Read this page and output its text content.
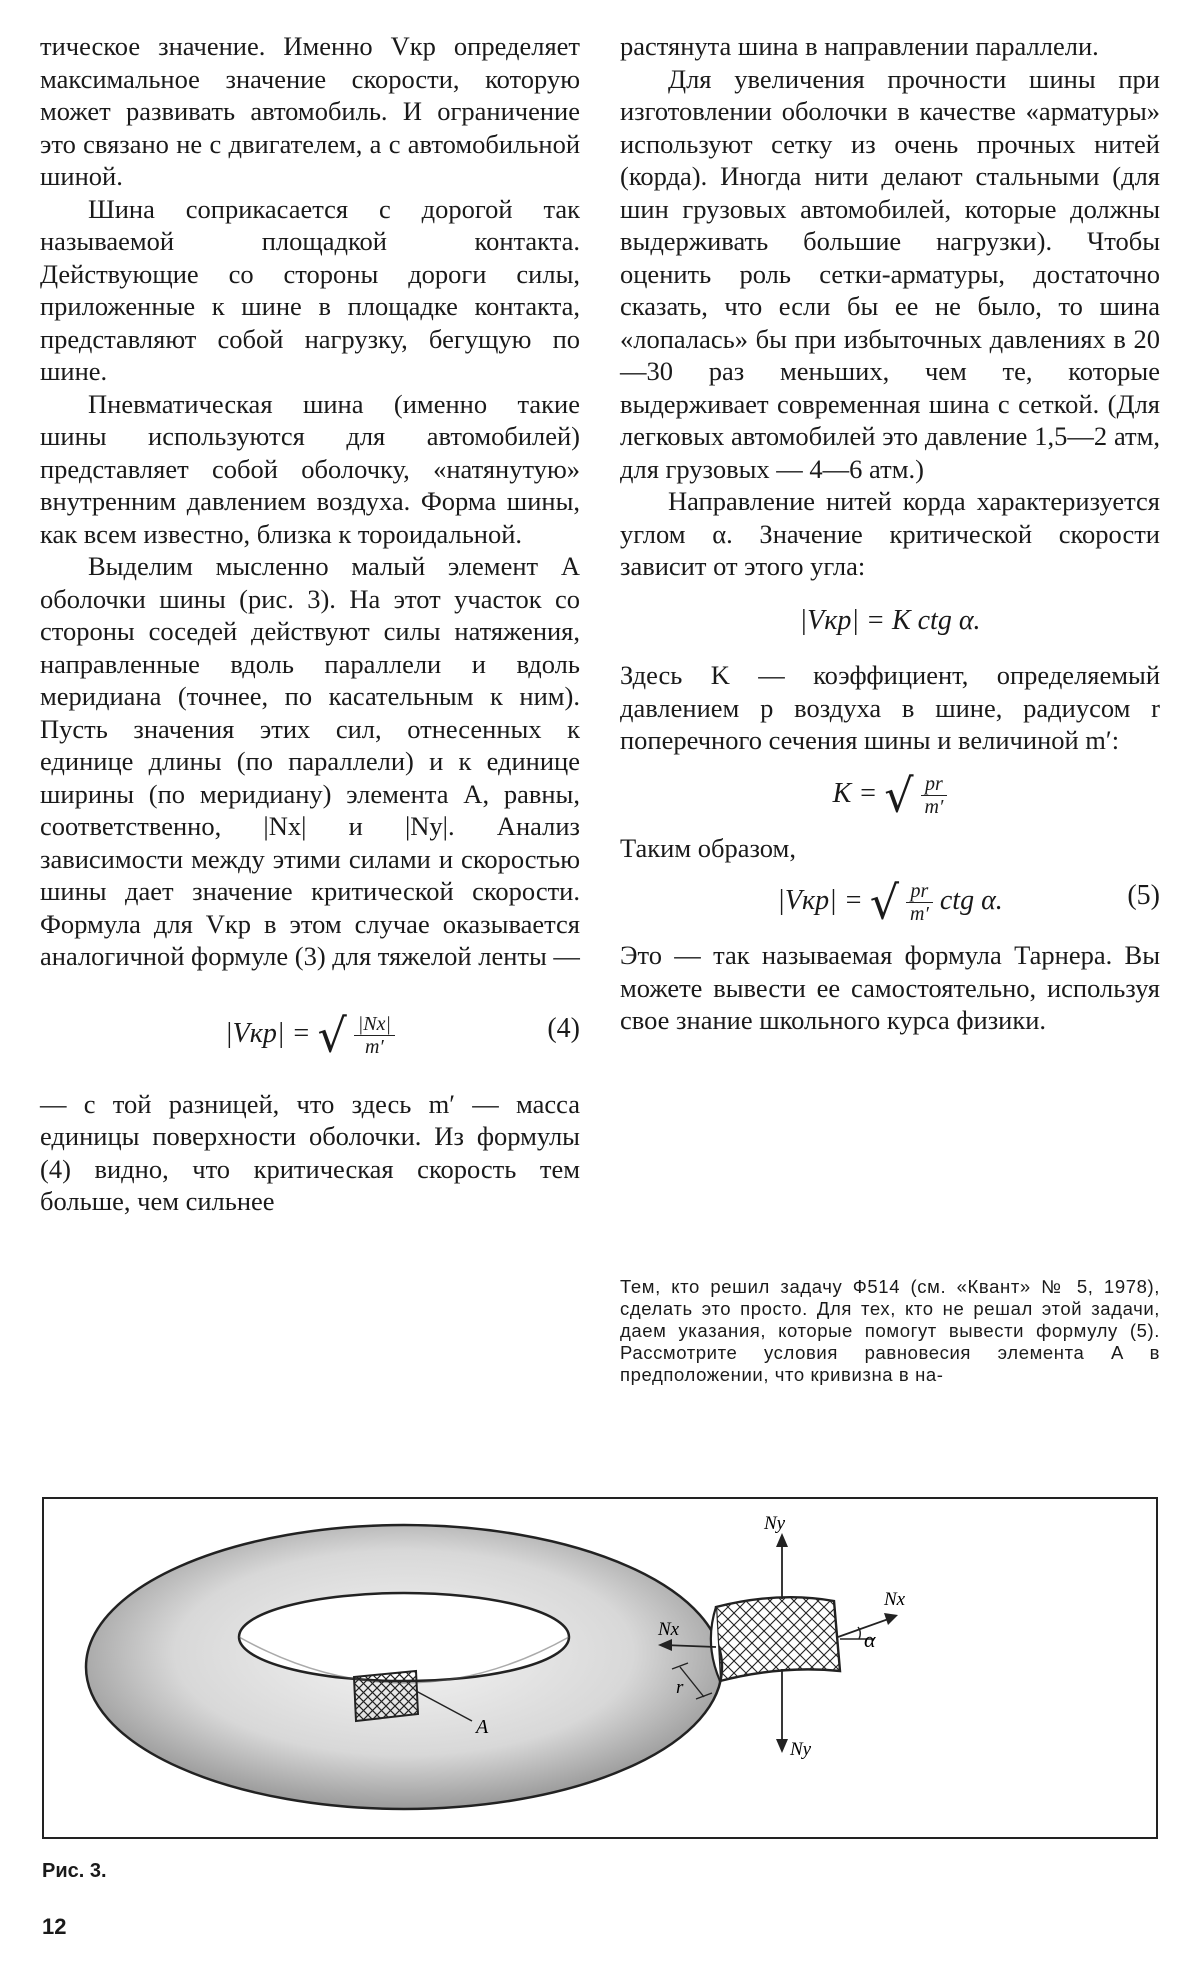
тическое значение. Именно Vкр определяет максимальное значение скорости, которую может развивать автомобиль. И ограничение это связано не с двигателем, а с автомобильной шиной.

Шина соприкасается с дорогой так называемой площадкой контакта. Действующие со стороны дороги силы, приложенные к шине в площадке контакта, представляют собой нагрузку, бегущую по шине.

Пневматическая шина (именно такие шины используются для автомобилей) представляет собой оболочку, «натянутую» внутренним давлением воздуха. Форма шины, как всем известно, близка к тороидальной.

Выделим мысленно малый элемент A оболочки шины (рис. 3). На этот участок со стороны соседей действуют силы натяжения, направленные вдоль параллели и вдоль меридиана (точнее, по касательным к ним). Пусть значения этих сил, отнесенных к единице длины (по параллели) и к единице ширины (по меридиану) элемента A, равны, соответственно, |Nx| и |Ny|. Анализ зависимости между этими силами и скоростью шины дает значение критической скорости. Формула для Vкр в этом случае оказывается аналогичной формуле (3) для тяжелой ленты —

|Vкр| = √ $\frac{|Nx|}{m'}$	(4)

— с той разницей, что здесь m′ — масса единицы поверхности оболочки. Из формулы (4) видно, что критическая скорость тем больше, чем сильнее

растянута шина в направлении параллели.

Для увеличения прочности шины при изготовлении оболочки в качестве «арматуры» используют сетку из очень прочных нитей (корда). Иногда нити делают стальными (для шин грузовых автомобилей, которые должны выдерживать большие нагрузки). Чтобы оценить роль сетки-арматуры, достаточно сказать, что если бы ее не было, то шина «лопалась» бы при избыточных давлениях в 20—30 раз меньших, чем те, которые выдерживает современная шина с сеткой. (Для легковых автомобилей это давление 1,5—2 атм, для грузовых — 4—6 атм.)

Направление нитей корда характеризуется углом α. Значение критической скорости зависит от этого угла:

|Vкр| = K ctg α.

Здесь K — коэффициент, определяемый давлением p воздуха в шине, радиусом r поперечного сечения шины и величиной m′:

K = √ $\frac{pr}{m'}$

Таким образом,

|Vкр| = √ $\frac{pr}{m'}$ ctg α.	(5)

Это — так называемая формула Тарнера. Вы можете вывести ее самостоятельно, используя свое знание школьного курса физики.

Тем, кто решил задачу Ф514 (см. «Квант» № 5, 1978), сделать это просто. Для тех, кто не решал этой задачи, даем указания, которые помогут вывести формулу (5). Рассмотрите условия равновесия элемента A в предположении, что кривизна в на-

A
Ny
Ny
Nx
Nx
α
r
Рис. 3.
12
